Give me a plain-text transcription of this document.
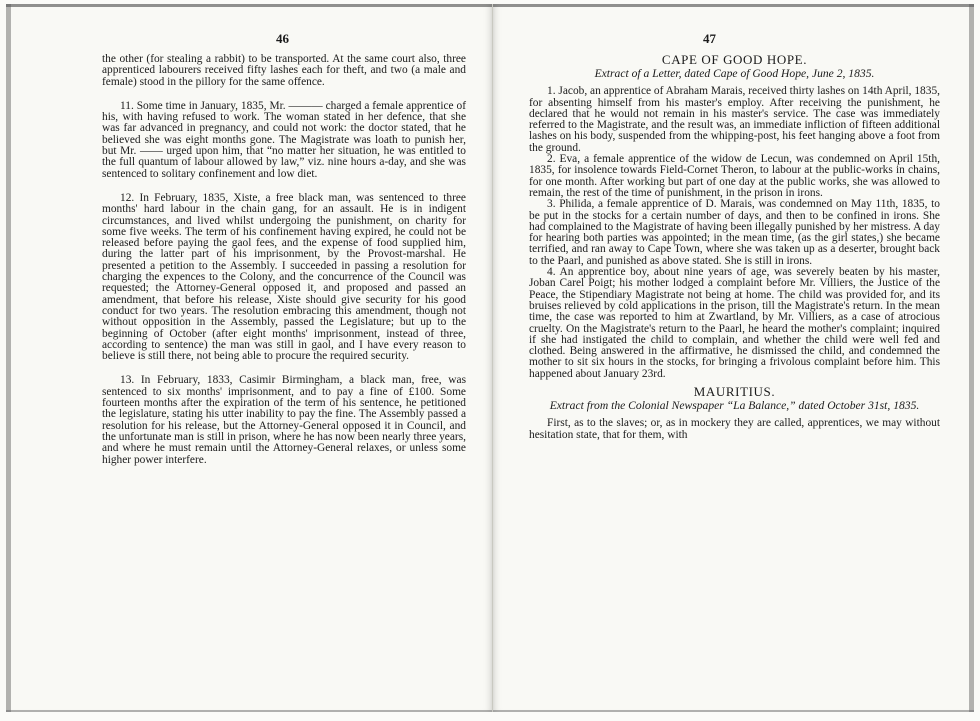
46

the other (for stealing a rabbit) to be transported. At the same court also, three apprenticed labourers received fifty lashes each for theft, and two (a male and female) stood in the pillory for the same offence.

11. Some time in January, 1835, Mr. ——— charged a female apprentice of his, with having refused to work. The woman stated in her defence, that she was far advanced in pregnancy, and could not work: the doctor stated, that he believed she was eight months gone. The Magistrate was loath to punish her, but Mr. —— urged upon him, that “no matter her situation, he was entitled to the full quantum of labour allowed by law,” viz. nine hours a-day, and she was sentenced to solitary confinement and low diet.

12. In February, 1835, Xiste, a free black man, was sentenced to three months' hard labour in the chain gang, for an assault. He is in indigent circumstances, and lived whilst undergoing the punishment, on charity for some five weeks. The term of his confinement having expired, he could not be released before paying the gaol fees, and the expense of food supplied him, during the latter part of his imprisonment, by the Provost-marshal. He presented a petition to the Assembly. I succeeded in passing a resolution for charging the expences to the Colony, and the concurrence of the Council was requested; the Attorney-General opposed it, and proposed and passed an amendment, that before his release, Xiste should give security for his good conduct for two years. The resolution embracing this amendment, though not without opposition in the Assembly, passed the Legislature; but up to the beginning of October (after eight months' imprisonment, instead of three, according to sentence) the man was still in gaol, and I have every reason to believe is still there, not being able to procure the required security.

13. In February, 1833, Casimir Birmingham, a black man, free, was sentenced to six months' imprisonment, and to pay a fine of £100. Some fourteen months after the expiration of the term of his sentence, he petitioned the legislature, stating his utter inability to pay the fine. The Assembly passed a resolution for his release, but the Attorney-General opposed it in Council, and the unfortunate man is still in prison, where he has now been nearly three years, and where he must remain until the Attorney-General relaxes, or unless some higher power interfere.

47
CAPE OF GOOD HOPE.
Extract of a Letter, dated Cape of Good Hope, June 2, 1835.

1. Jacob, an apprentice of Abraham Marais, received thirty lashes on 14th April, 1835, for absenting himself from his master's employ. After receiving the punishment, he declared that he would not remain in his master's service. The case was immediately referred to the Magistrate, and the result was, an immediate infliction of fifteen additional lashes on his body, suspended from the whipping-post, his feet hanging above a foot from the ground.

2. Eva, a female apprentice of the widow de Lecun, was condemned on April 15th, 1835, for insolence towards Field-Cornet Theron, to labour at the public-works in chains, for one month. After working but part of one day at the public works, she was allowed to remain, the rest of the time of punishment, in the prison in irons.

3. Philida, a female apprentice of D. Marais, was condemned on May 11th, 1835, to be put in the stocks for a certain number of days, and then to be confined in irons. She had complained to the Magistrate of having been illegally punished by her mistress. A day for hearing both parties was appointed; in the mean time, (as the girl states,) she became terrified, and ran away to Cape Town, where she was taken up as a deserter, brought back to the Paarl, and punished as above stated. She is still in irons.

4. An apprentice boy, about nine years of age, was severely beaten by his master, Joban Carel Poigt; his mother lodged a complaint before Mr. Villiers, the Justice of the Peace, the Stipendiary Magistrate not being at home. The child was provided for, and its bruises relieved by cold applications in the prison, till the Magistrate's return. In the mean time, the case was reported to him at Zwartland, by Mr. Villiers, as a case of atrocious cruelty. On the Magistrate's return to the Paarl, he heard the mother's complaint; inquired if she had instigated the child to complain, and whether the child were well fed and clothed. Being answered in the affirmative, he dismissed the child, and condemned the mother to sit six hours in the stocks, for bringing a frivolous complaint before him. This happened about January 23rd.

MAURITIUS.
Extract from the Colonial Newspaper “La Balance,” dated October 31st, 1835.

First, as to the slaves; or, as in mockery they are called, apprentices, we may without hesitation state, that for them, with
